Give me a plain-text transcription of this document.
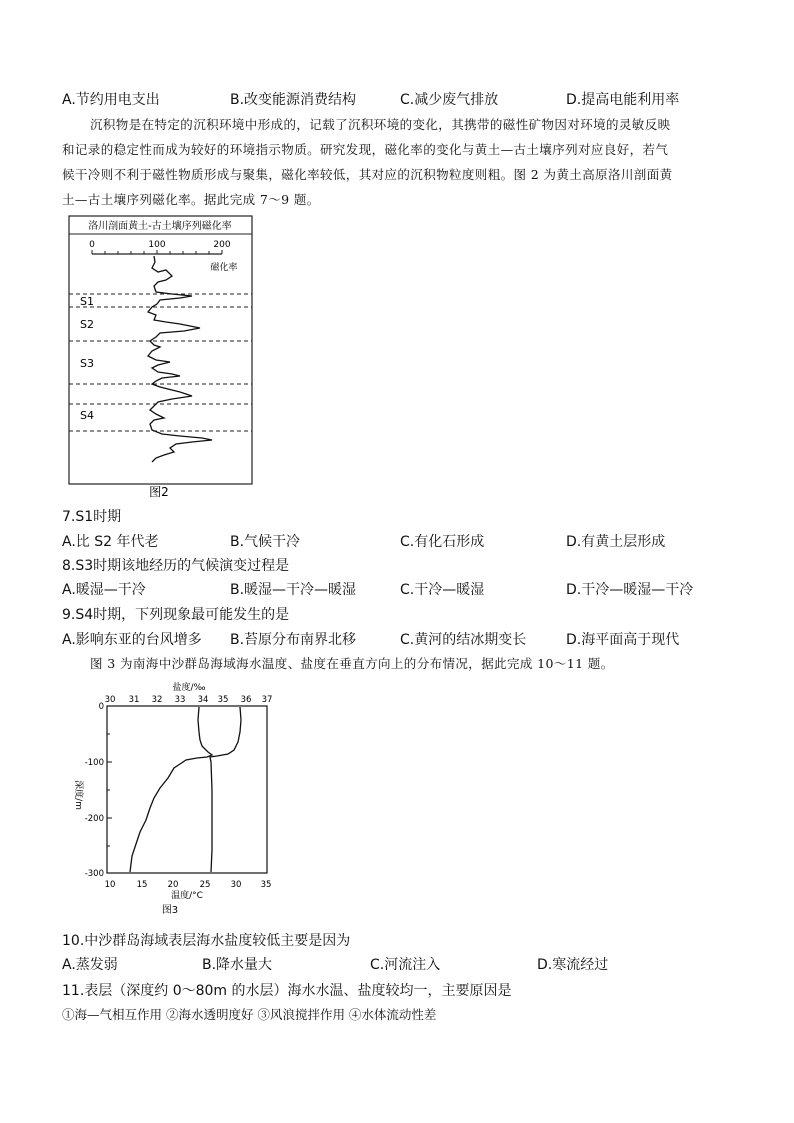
A.节约用电支出	B.改变能源消费结构	C.减少废气排放	D.提高电能利用率
沉积物是在特定的沉积环境中形成的，记载了沉积环境的变化，其携带的磁性矿物因对环境的灵敏反映
和记录的稳定性而成为较好的环境指示物质。研究发现，磁化率的变化与黄土—古土壤序列对应良好，若气
候干冷则不利于磁性物质形成与聚集，磁化率较低，其对应的沉积物粒度则粗。图 2 为黄土高原洛川剖面黄
土—古土壤序列磁化率。据此完成 7～9 题。
洛川剖面黄土-古土壤序列磁化率
0	100	200
磁化率
S1
S2
S3
S4
图2
7.S1时期
A.比 S2 年代老	B.气候干冷	C.有化石形成	D.有黄土层形成
8.S3时期该地经历的气候演变过程是
A.暖湿—干冷	B.暖湿—干冷—暖湿	C.干冷—暖湿	D.干冷—暖湿—干冷
9.S4时期，下列现象最可能发生的是
A.影响东亚的台风增多 B.苔原分布南界北移	C.黄河的结冰期变长	D.海平面高于现代
图 3 为南海中沙群岛海域海水温度、盐度在垂直方向上的分布情况，据此完成 10～11 题。
盐度/‰
30 31 32 33 34 35 36 37
0
-100
-200
-300
深度/m
10 15 20 25 30 35
温度/°C
图3
10.中沙群岛海域表层海水盐度较低主要是因为
A.蒸发弱	B.降水量大	C.河流注入	D.寒流经过
11.表层（深度约 0～80m 的水层）海水水温、盐度较均一，主要原因是
①海—气相互作用 ②海水透明度好 ③风浪搅拌作用 ④水体流动性差
